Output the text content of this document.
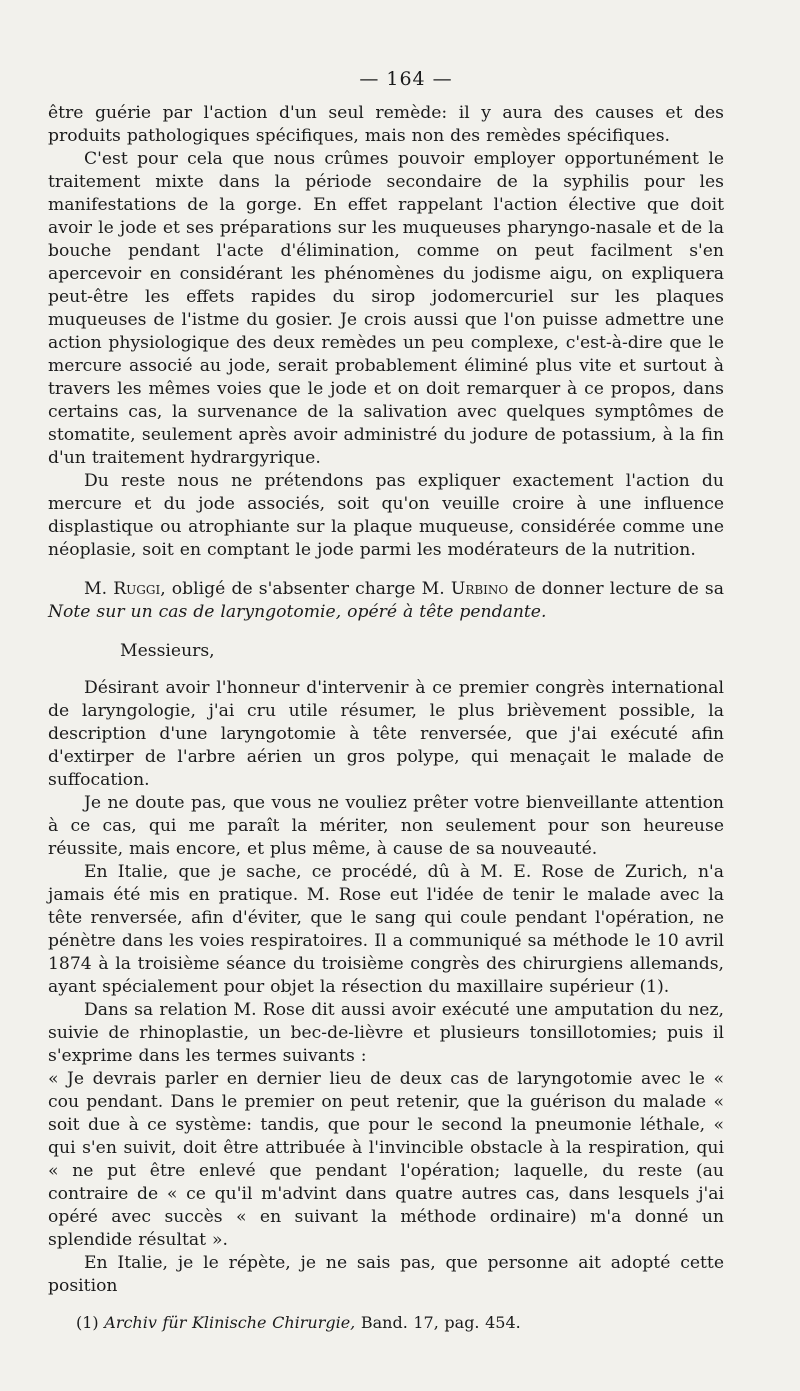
— 164 —

être guérie par l'action d'un seul remède: il y aura des causes et des produits pathologiques spécifiques, mais non des remèdes spécifiques.

C'est pour cela que nous crûmes pouvoir employer opportunément le traitement mixte dans la période secondaire de la syphilis pour les manifestations de la gorge. En effet rappelant l'action élective que doit avoir le jode et ses préparations sur les muqueuses pharyngo-nasale et de la bouche pendant l'acte d'élimination, comme on peut facilment s'en apercevoir en considérant les phénomènes du jodisme aigu, on expliquera peut-être les effets rapides du sirop jodomercuriel sur les plaques muqueuses de l'istme du gosier. Je crois aussi que l'on puisse admettre une action physiologique des deux remèdes un peu complexe, c'est-à-dire que le mercure associé au jode, serait probablement éliminé plus vite et surtout à travers les mêmes voies que le jode et on doit remarquer à ce propos, dans certains cas, la survenance de la salivation avec quelques symptômes de stomatite, seulement après avoir administré du jodure de potassium, à la fin d'un traitement hydrargyrique.

Du reste nous ne prétendons pas expliquer exactement l'action du mercure et du jode associés, soit qu'on veuille croire à une influence displastique ou atrophiante sur la plaque muqueuse, considérée comme une néoplasie, soit en comptant le jode parmi les modérateurs de la nutrition.

M. Ruggi, obligé de s'absenter charge M. Urbino de donner lecture de sa Note sur un cas de laryngotomie, opéré à tête pendante.

Messieurs,

Désirant avoir l'honneur d'intervenir à ce premier congrès international de laryngologie, j'ai cru utile résumer, le plus brièvement possible, la description d'une laryngotomie à tête renversée, que j'ai exécuté afin d'extirper de l'arbre aérien un gros polype, qui menaçait le malade de suffocation.

Je ne doute pas, que vous ne vouliez prêter votre bienveillante attention à ce cas, qui me paraît la mériter, non seulement pour son heureuse réussite, mais encore, et plus même, à cause de sa nouveauté.

En Italie, que je sache, ce procédé, dû à M. E. Rose de Zurich, n'a jamais été mis en pratique. M. Rose eut l'idée de tenir le malade avec la tête renversée, afin d'éviter, que le sang qui coule pendant l'opération, ne pénètre dans les voies respiratoires. Il a communiqué sa méthode le 10 avril 1874 à la troisième séance du troisième congrès des chirurgiens allemands, ayant spécialement pour objet la résection du maxillaire supérieur (1).

Dans sa relation M. Rose dit aussi avoir exécuté une amputation du nez, suivie de rhinoplastie, un bec-de-lièvre et plusieurs tonsillotomies; puis il s'exprime dans les termes suivants :

« Je devrais parler en dernier lieu de deux cas de laryngotomie avec le « cou pendant. Dans le premier on peut retenir, que la guérison du malade « soit due à ce système: tandis, que pour le second la pneumonie léthale, « qui s'en suivit, doit être attribuée à l'invincible obstacle à la respiration, qui « ne put être enlevé que pendant l'opération; laquelle, du reste (au contraire de « ce qu'il m'advint dans quatre autres cas, dans lesquels j'ai opéré avec succès « en suivant la méthode ordinaire) m'a donné un splendide résultat ».

En Italie, je le répète, je ne sais pas, que personne ait adopté cette position

(1) Archiv für Klinische Chirurgie, Band. 17, pag. 454.
